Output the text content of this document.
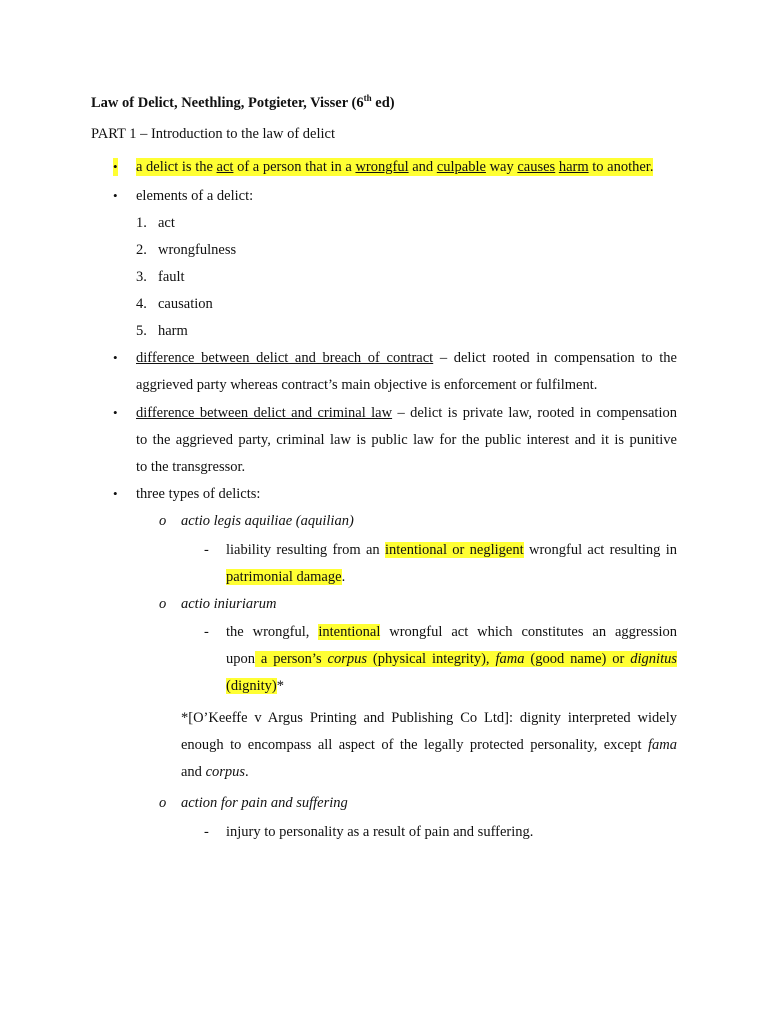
Law of Delict, Neethling, Potgieter, Visser (6th ed)
PART 1 – Introduction to the law of delict
• a delict is the act of a person that in a wrongful and culpable way causes harm to another.
• elements of a delict:
1. act
2. wrongfulness
3. fault
4. causation
5. harm
• difference between delict and breach of contract – delict rooted in compensation to the
aggrieved party whereas contract’s main objective is enforcement or fulfilment.
• difference between delict and criminal law – delict is private law, rooted in compensation
to the aggrieved party, criminal law is public law for the public interest and it is punitive
to the transgressor.
• three types of delicts:
o actio legis aquiliae (aquilian)
- liability resulting from an intentional or negligent wrongful act resulting in
patrimonial damage.
o actio iniuriarum
- the wrongful, intentional wrongful act which constitutes an aggression
upon a person’s corpus (physical integrity), fama (good name) or dignitus
(dignity)*
*[O’Keeffe v Argus Printing and Publishing Co Ltd]: dignity interpreted widely
enough to encompass all aspect of the legally protected personality, except fama
and corpus.
o action for pain and suffering
- injury to personality as a result of pain and suffering.
